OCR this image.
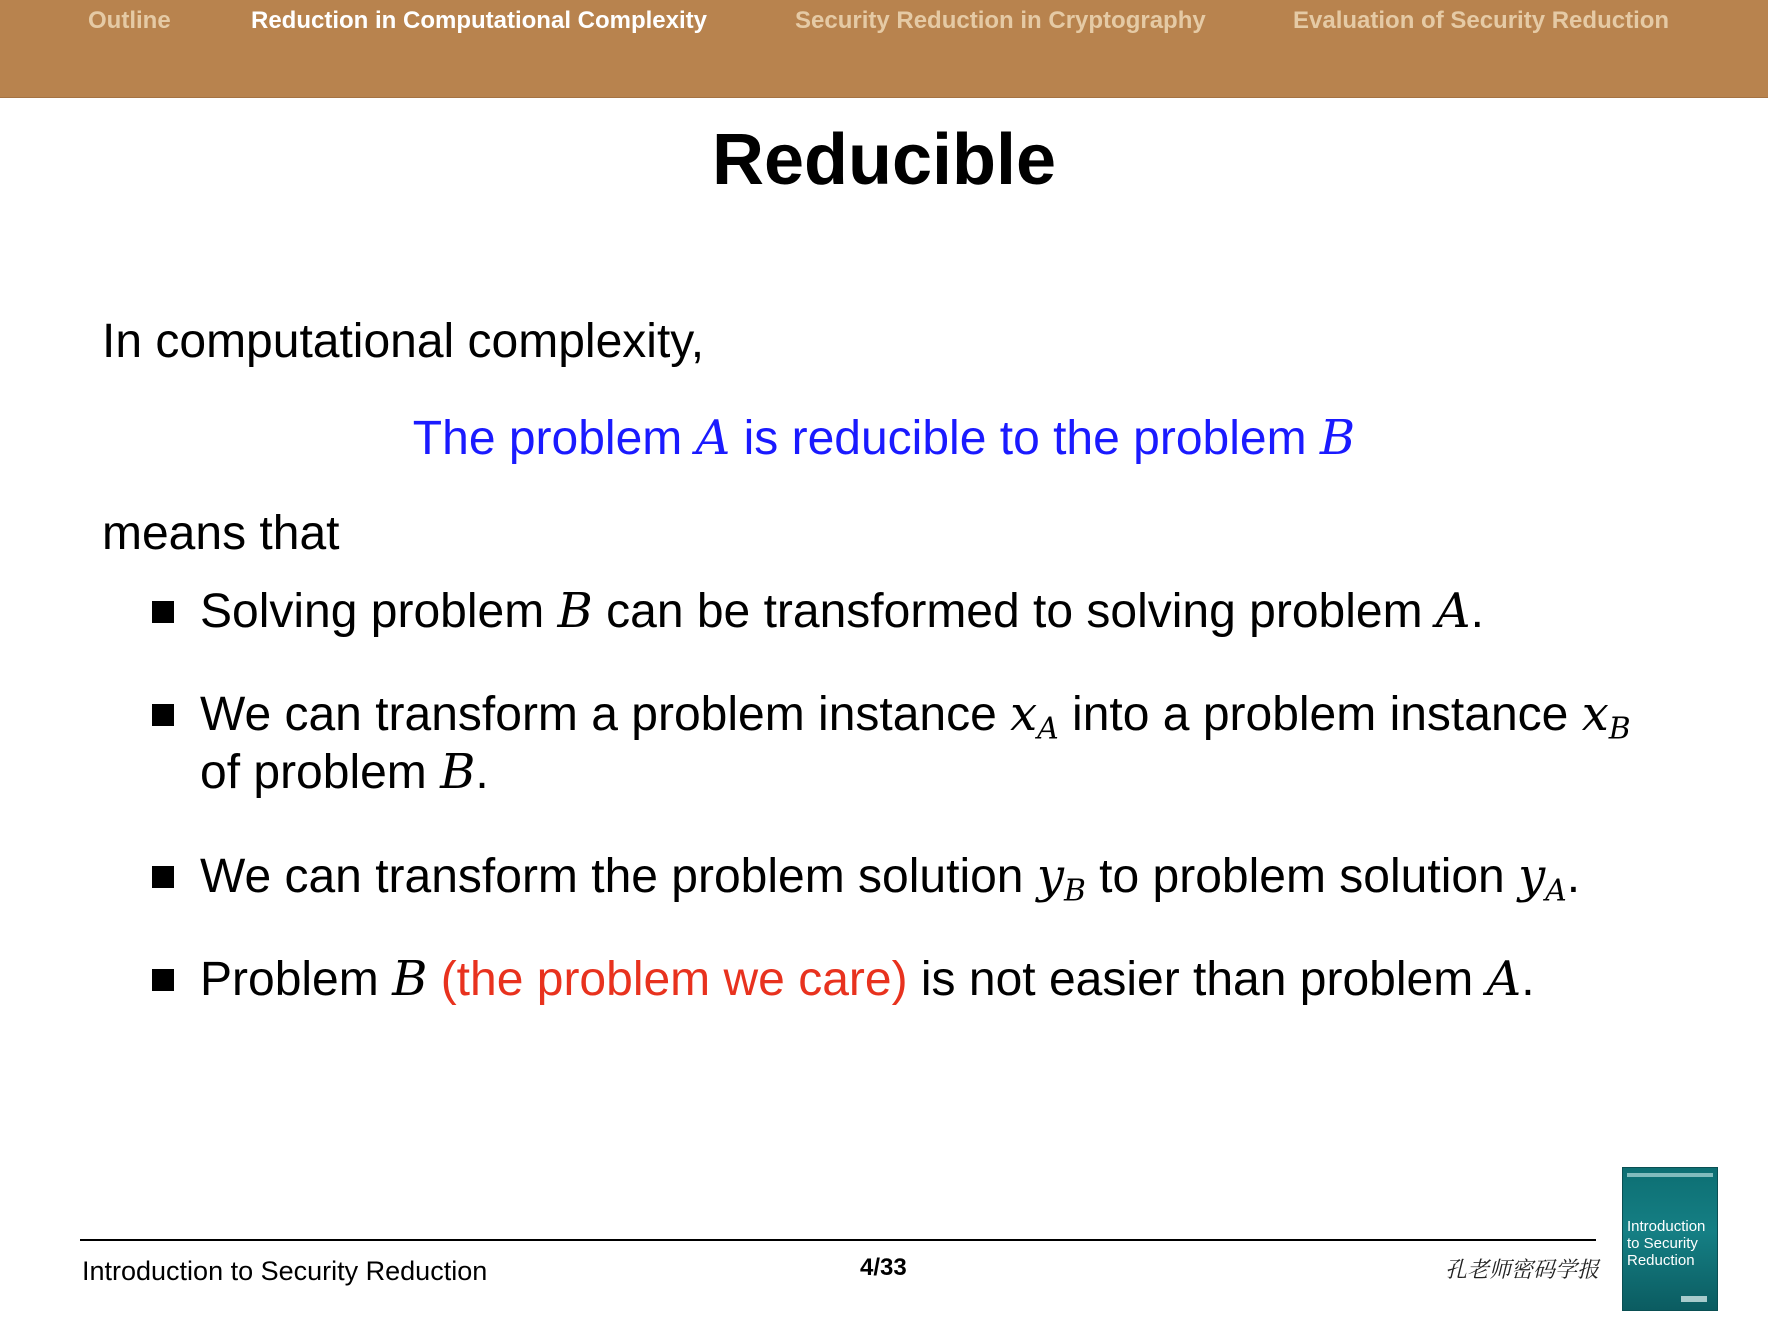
Outline	Reduction in Computational Complexity	Security Reduction in Cryptography	Evaluation of Security Reduction
Reducible
In computational complexity,
The problem A is reducible to the problem B
means that
Solving problem B can be transformed to solving problem A.
We can transform a problem instance $x_A$ into a problem instance $x_B$
of problem B.
We can transform the problem solution $y_B$ to problem solution $y_A$.
Problem B (the problem we care) is not easier than problem A.
Introduction to Security Reduction	4/33	孔老师密码学报
Introduction
to Security
Reduction
